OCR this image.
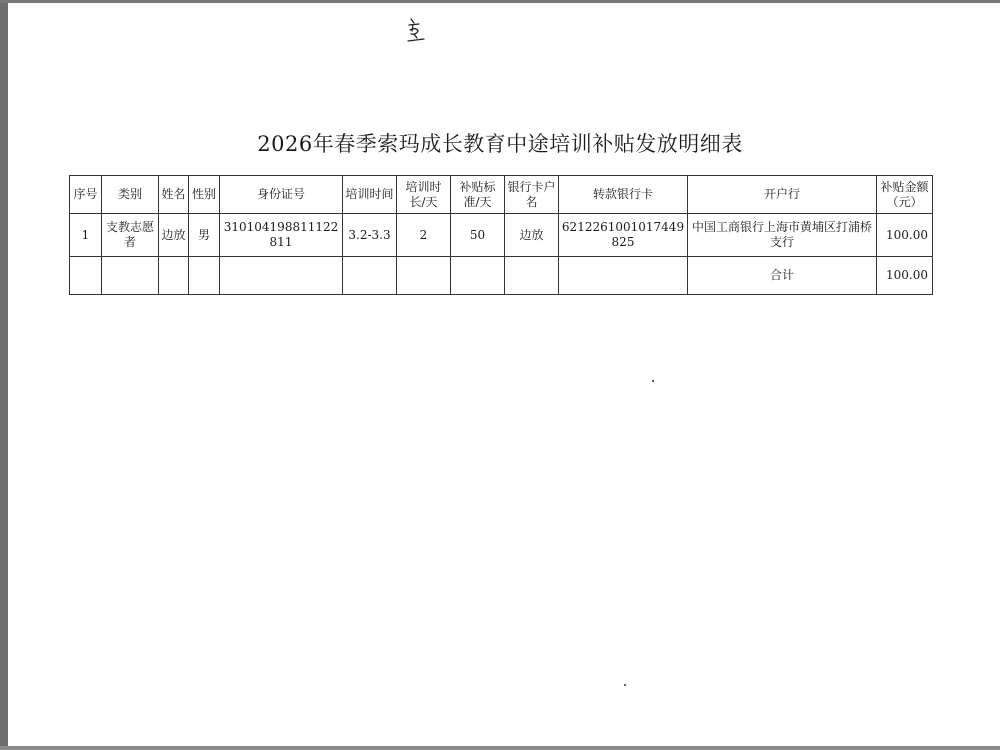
2026年春季索玛成长教育中途培训补贴发放明细表
序号	类别	姓名	性别	身份证号	培训时间	培训时长/天	补贴标准/天	银行卡户名	转款银行卡	开户行	补贴金额（元）
1	支教志愿者	边放	男	310104198811122811	3.2-3.3	2	50	边放	6212261001017449825	中国工商银行上海市黄埔区打浦桥支行	100.00
										合计	100.00
